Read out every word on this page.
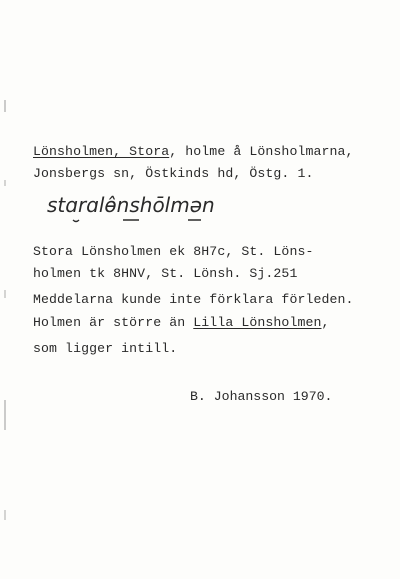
Lönsholmen, Stora, holme å Lönsholmarna,
Jonsbergs sn, Östkinds hd, Östg. 1.
stɑrɑlɵ̂nshōlmən
Stora Lönsholmen ek 8H7c, St. Löns-
holmen tk 8HNV, St. Lönsh. Sj.251
Meddelarna kunde inte förklara förleden.
Holmen är större än Lilla Lönsholmen,
som ligger intill.
B. Johansson 1970.
